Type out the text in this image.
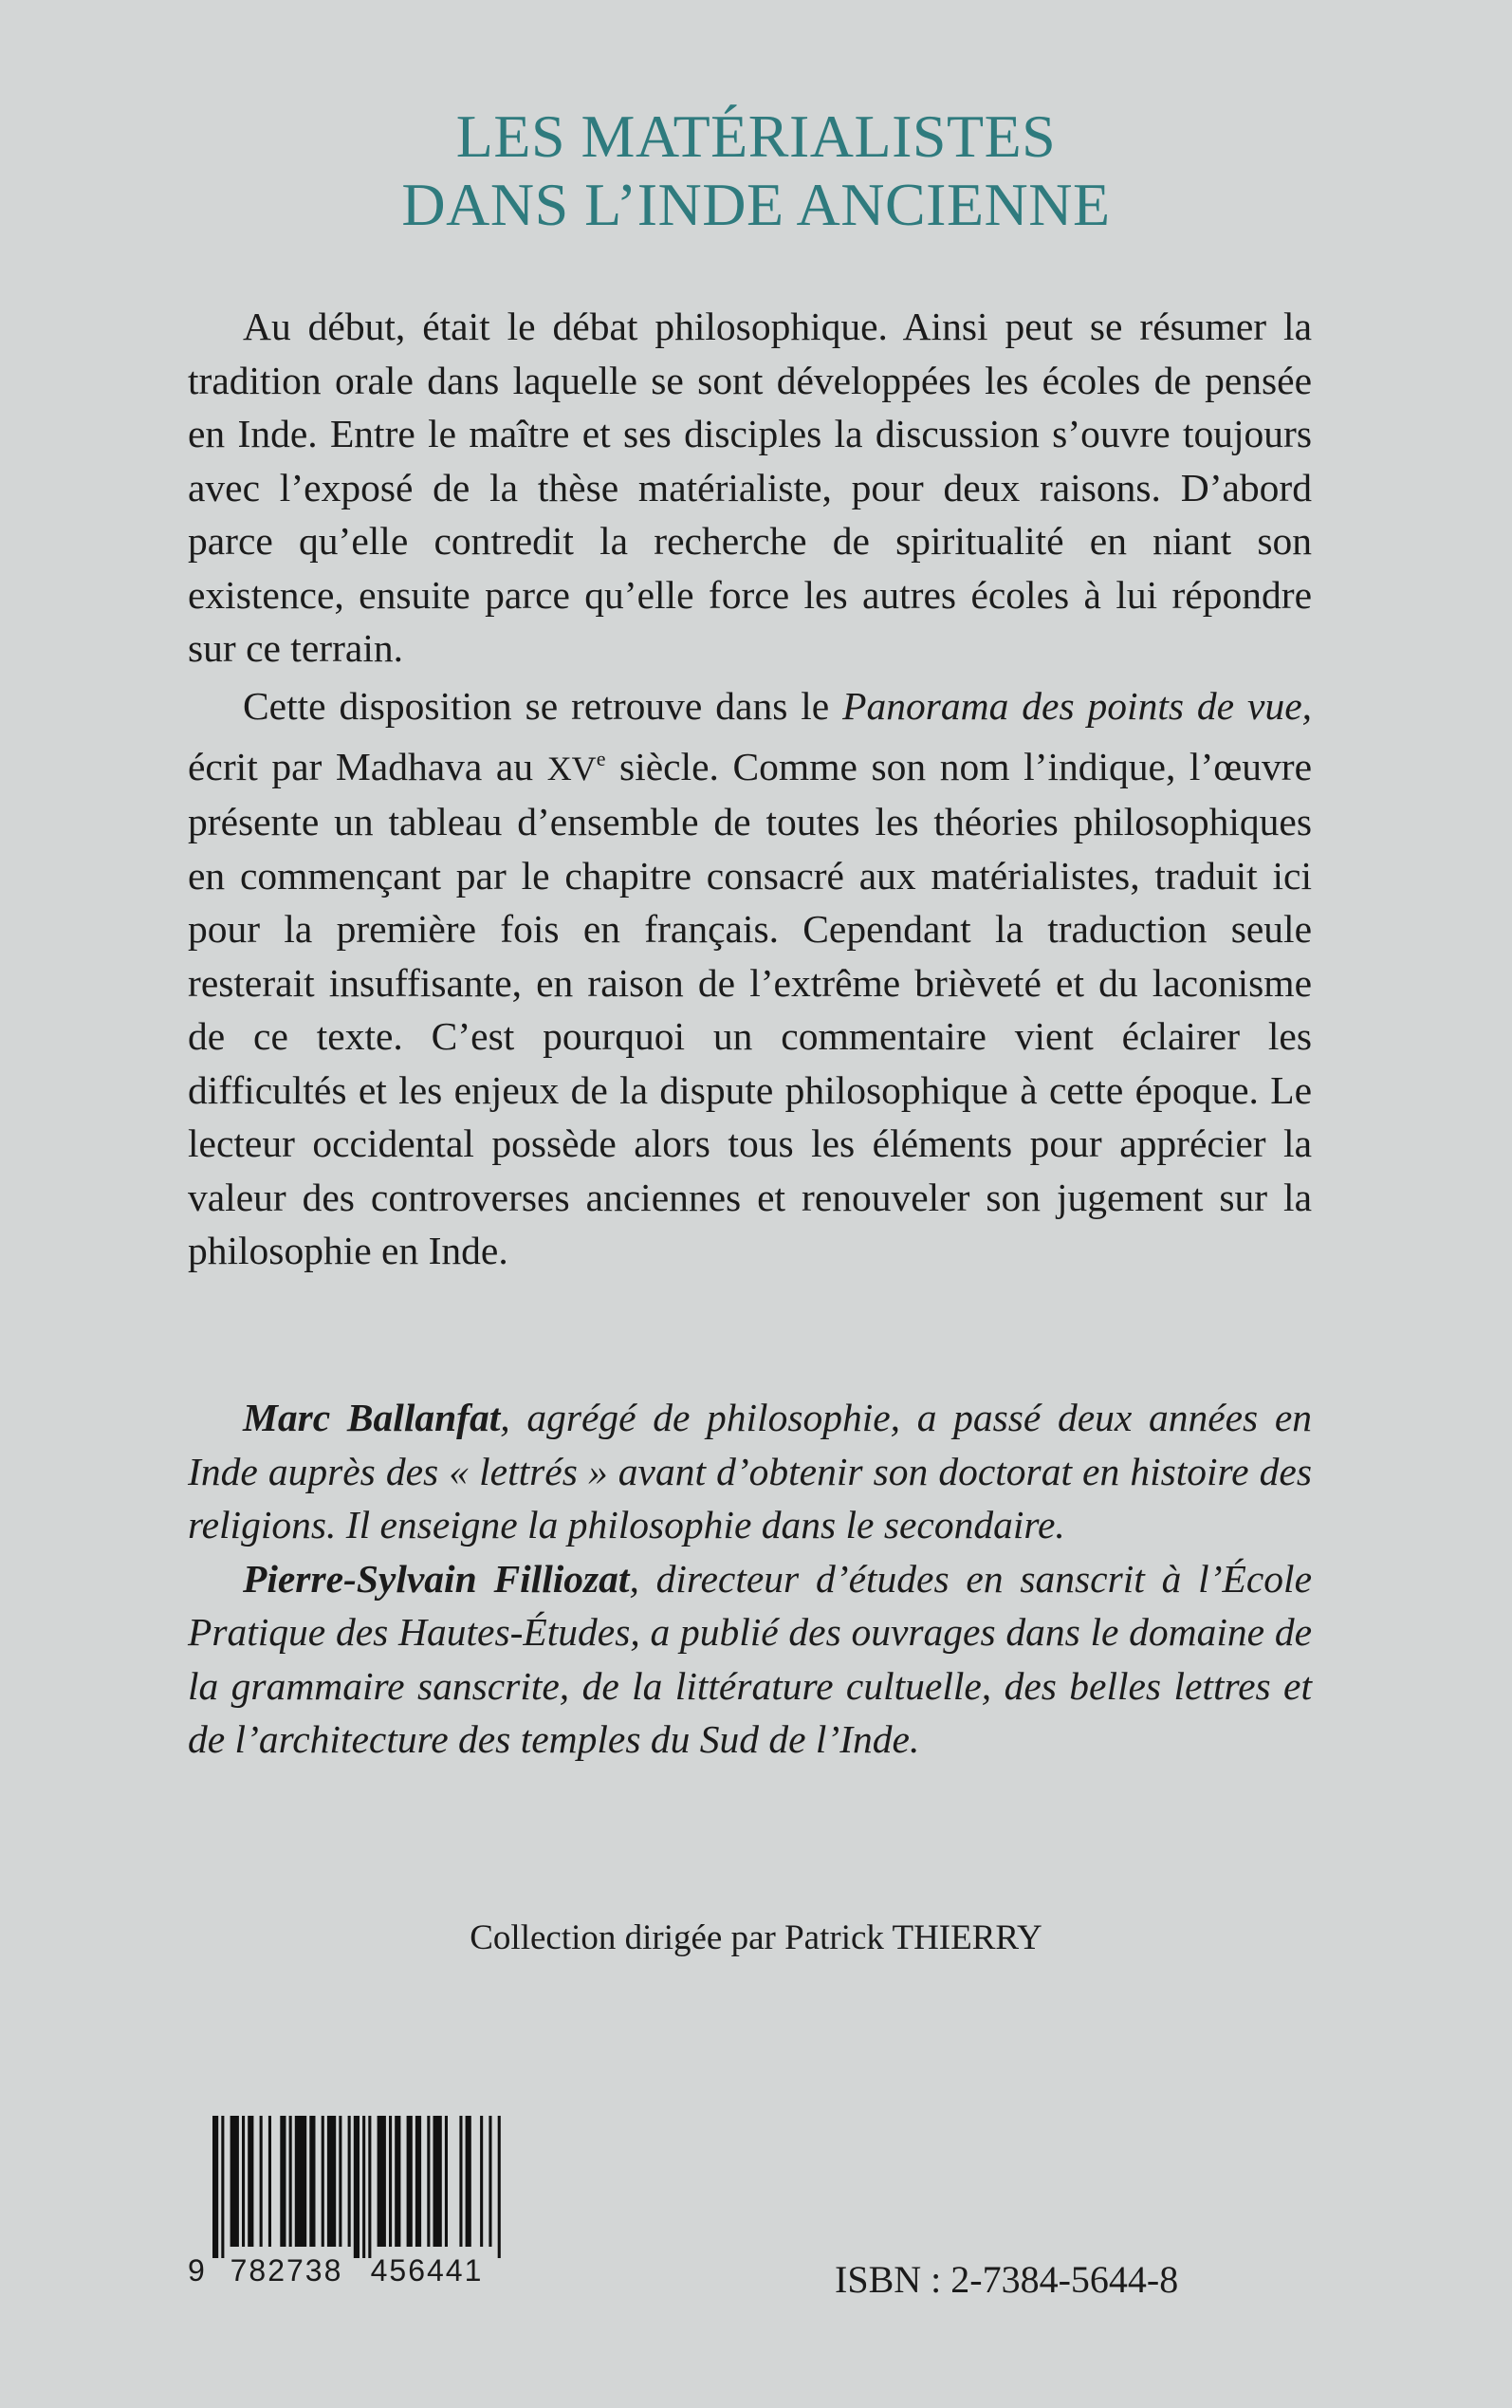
LES MATÉRIALISTES
DANS L’INDE ANCIENNE

Au début, était le débat philosophique. Ainsi peut se résumer la tradition orale dans laquelle se sont développées les écoles de pensée en Inde. Entre le maître et ses disciples la discussion s’ouvre toujours avec l’exposé de la thèse matérialiste, pour deux raisons. D’abord parce qu’elle contredit la recherche de spiritualité en niant son existence, ensuite parce qu’elle force les autres écoles à lui répondre sur ce terrain.

Cette disposition se retrouve dans le Panorama des points de vue, écrit par Madhava au XVe siècle. Comme son nom l’indique, l’œuvre présente un tableau d’ensemble de toutes les théories philosophiques en commençant par le chapitre consacré aux matérialistes, traduit ici pour la première fois en français. Cependant la traduction seule resterait insuffisante, en raison de l’extrême brièveté et du laconisme de ce texte. C’est pourquoi un commentaire vient éclairer les difficultés et les enjeux de la dispute philosophique à cette époque. Le lecteur occidental possède alors tous les éléments pour apprécier la valeur des controverses anciennes et renouveler son jugement sur la philosophie en Inde.

Marc Ballanfat, agrégé de philosophie, a passé deux années en Inde auprès des « lettrés » avant d’obtenir son doctorat en histoire des religions. Il enseigne la philosophie dans le secondaire.

Pierre-Sylvain Filliozat, directeur d’études en sanscrit à l’École Pratique des Hautes-Études, a publié des ouvrages dans le domaine de la grammaire sanscrite, de la littérature cultuelle, des belles lettres et de l’architecture des temples du Sud de l’Inde.

Collection dirigée par Patrick THIERRY
9 782738 456441	ISBN : 2-7384-5644-8
